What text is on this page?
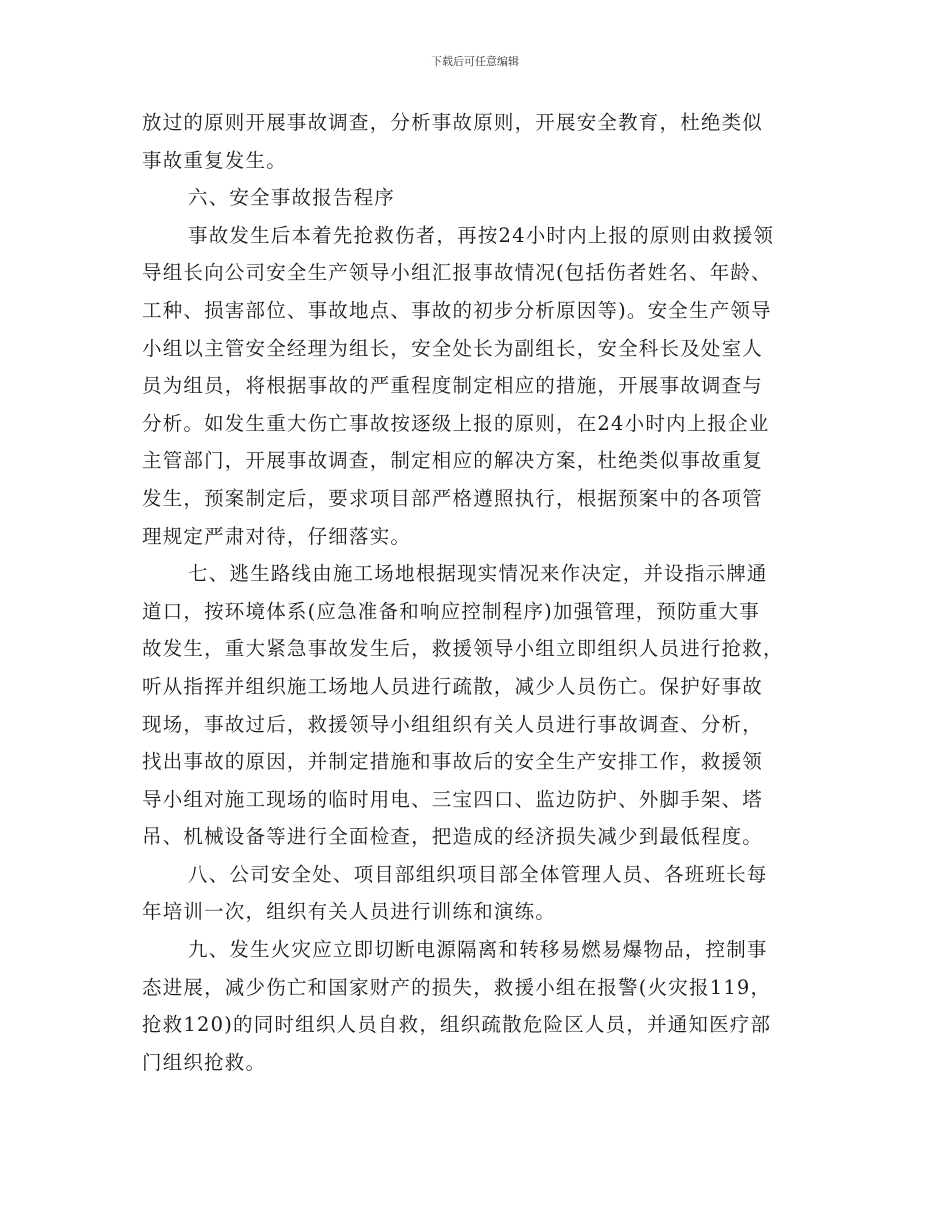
下载后可任意编辑
放过的原则开展事故调查，分析事故原则，开展安全教育，杜绝类似
事故重复发生。
六、安全事故报告程序
事故发生后本着先抢救伤者，再按24小时内上报的原则由救援领
导组长向公司安全生产领导小组汇报事故情况(包括伤者姓名、年龄、
工种、损害部位、事故地点、事故的初步分析原因等)。安全生产领导
小组以主管安全经理为组长，安全处长为副组长，安全科长及处室人
员为组员，将根据事故的严重程度制定相应的措施，开展事故调查与
分析。如发生重大伤亡事故按逐级上报的原则，在24小时内上报企业
主管部门，开展事故调查，制定相应的解决方案，杜绝类似事故重复
发生，预案制定后，要求项目部严格遵照执行，根据预案中的各项管
理规定严肃对待，仔细落实。
七、逃生路线由施工场地根据现实情况来作决定，并设指示牌通
道口，按环境体系(应急准备和响应控制程序)加强管理，预防重大事
故发生，重大紧急事故发生后，救援领导小组立即组织人员进行抢救，
听从指挥并组织施工场地人员进行疏散，减少人员伤亡。保护好事故
现场，事故过后，救援领导小组组织有关人员进行事故调查、分析，
找出事故的原因，并制定措施和事故后的安全生产安排工作，救援领
导小组对施工现场的临时用电、三宝四口、监边防护、外脚手架、塔
吊、机械设备等进行全面检查，把造成的经济损失减少到最低程度。
八、公司安全处、项目部组织项目部全体管理人员、各班班长每
年培训一次，组织有关人员进行训练和演练。
九、发生火灾应立即切断电源隔离和转移易燃易爆物品，控制事
态进展，减少伤亡和国家财产的损失，救援小组在报警(火灾报119，
抢救120)的同时组织人员自救，组织疏散危险区人员，并通知医疗部
门组织抢救。
